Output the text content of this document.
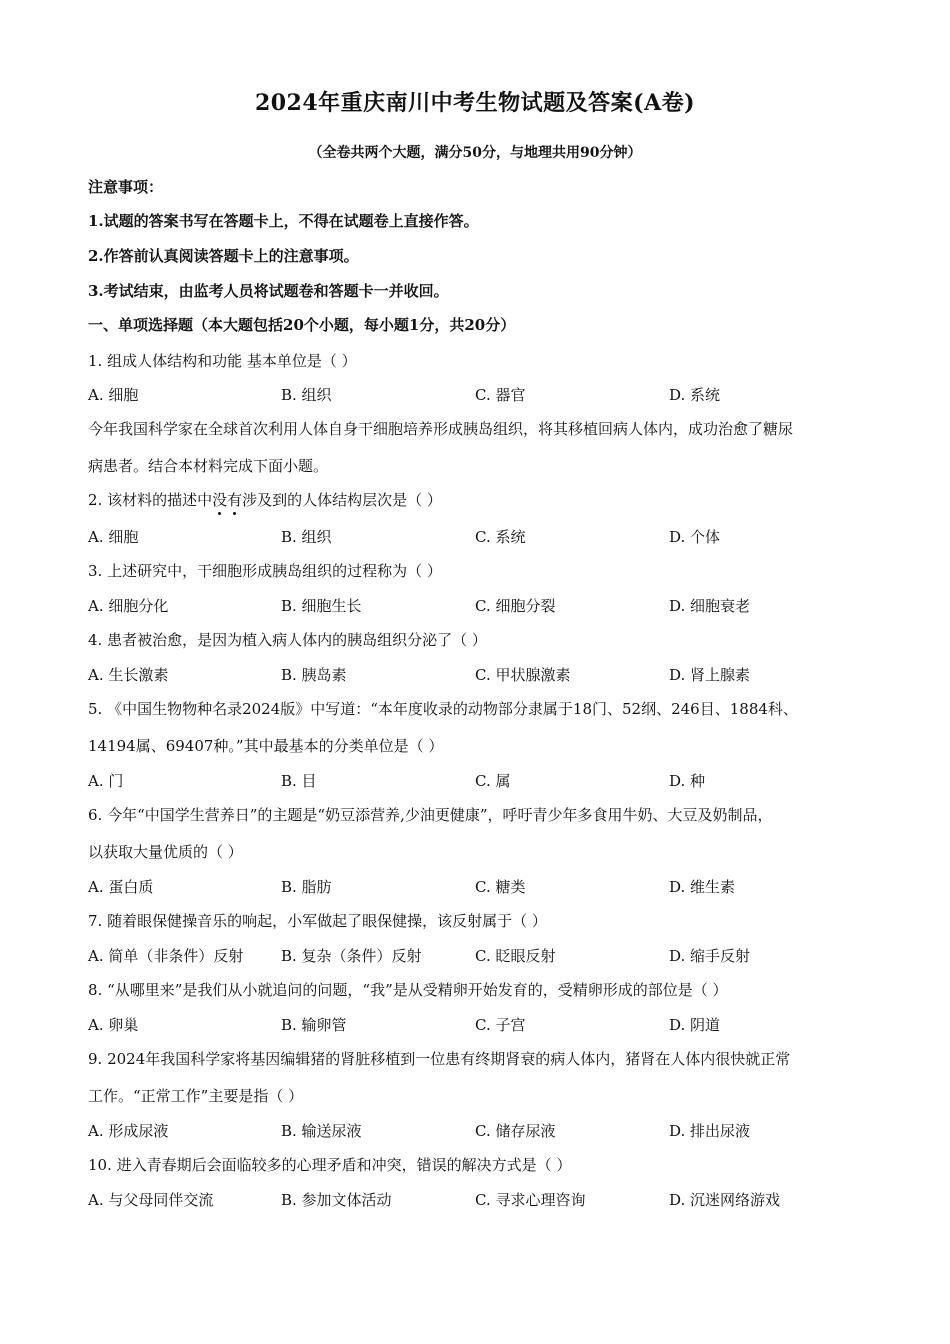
2024年重庆南川中考生物试题及答案(A卷)
（全卷共两个大题，满分50分，与地理共用90分钟）
注意事项：
1.试题的答案书写在答题卡上，不得在试题卷上直接作答。
2.作答前认真阅读答题卡上的注意事项。
3.考试结束，由监考人员将试题卷和答题卡一并收回。
一、单项选择题（本大题包括20个小题，每小题1分，共20分）
1. 组成人体结构和功能 基本单位是（ ）
A. 细胞	B. 组织	C. 器官	D. 系统
今年我国科学家在全球首次利用人体自身干细胞培养形成胰岛组织，将其移植回病人体内，成功治愈了糖尿
病患者。结合本材料完成下面小题。
2. 该材料的描述中没有涉及到的人体结构层次是（ ）
A. 细胞	B. 组织	C. 系统	D. 个体
3. 上述研究中，干细胞形成胰岛组织的过程称为（ ）
A. 细胞分化	B. 细胞生长	C. 细胞分裂	D. 细胞衰老
4. 患者被治愈，是因为植入病人体内的胰岛组织分泌了（ ）
A. 生长激素	B. 胰岛素	C. 甲状腺激素	D. 肾上腺素
5. 《中国生物物种名录2024版》中写道：“本年度收录的动物部分隶属于18门、52纲、246目、1884科、
14194属、69407种。”其中最基本的分类单位是（ ）
A. 门	B. 目	C. 属	D. 种
6. 今年“中国学生营养日”的主题是“奶豆添营养,少油更健康”，呼吁青少年多食用牛奶、大豆及奶制品，
以获取大量优质的（ ）
A. 蛋白质	B. 脂肪	C. 糖类	D. 维生素
7. 随着眼保健操音乐的响起，小军做起了眼保健操，该反射属于（ ）
A. 简单（非条件）反射	B. 复杂（条件）反射	C. 眨眼反射	D. 缩手反射
8. “从哪里来”是我们从小就追问的问题，“我”是从受精卵开始发育的，受精卵形成的部位是（ ）
A. 卵巢	B. 输卵管	C. 子宫	D. 阴道
9. 2024年我国科学家将基因编辑猪的肾脏移植到一位患有终期肾衰的病人体内，猪肾在人体内很快就正常
工作。“正常工作”主要是指（ ）
A. 形成尿液	B. 输送尿液	C. 储存尿液	D. 排出尿液
10. 进入青春期后会面临较多的心理矛盾和冲突，错误的解决方式是（ ）
A. 与父母同伴交流	B. 参加文体活动	C. 寻求心理咨询	D. 沉迷网络游戏
